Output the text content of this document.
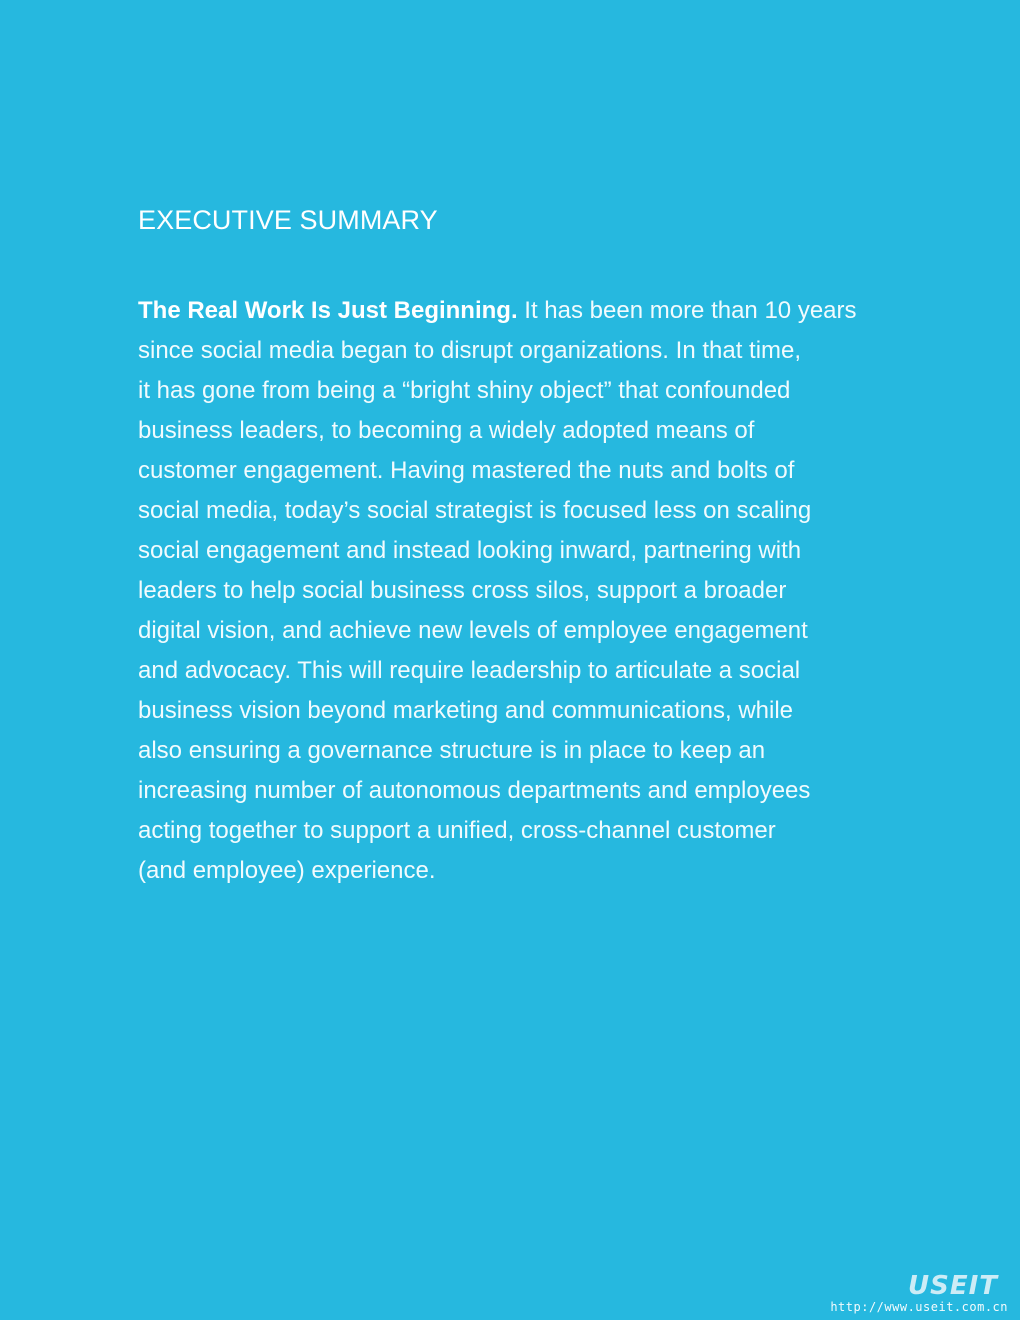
EXECUTIVE SUMMARY

The Real Work Is Just Beginning. It has been more than 10 years
since social media began to disrupt organizations. In that time,
it has gone from being a “bright shiny object” that confounded
business leaders, to becoming a widely adopted means of
customer engagement. Having mastered the nuts and bolts of
social media, today’s social strategist is focused less on scaling
social engagement and instead looking inward, partnering with
leaders to help social business cross silos, support a broader
digital vision, and achieve new levels of employee engagement
and advocacy. This will require leadership to articulate a social
business vision beyond marketing and communications, while
also ensuring a governance structure is in place to keep an
increasing number of autonomous departments and employees
acting together to support a unified, cross-channel customer
(and employee) experience.

USEIT
http://www.useit.com.cn
